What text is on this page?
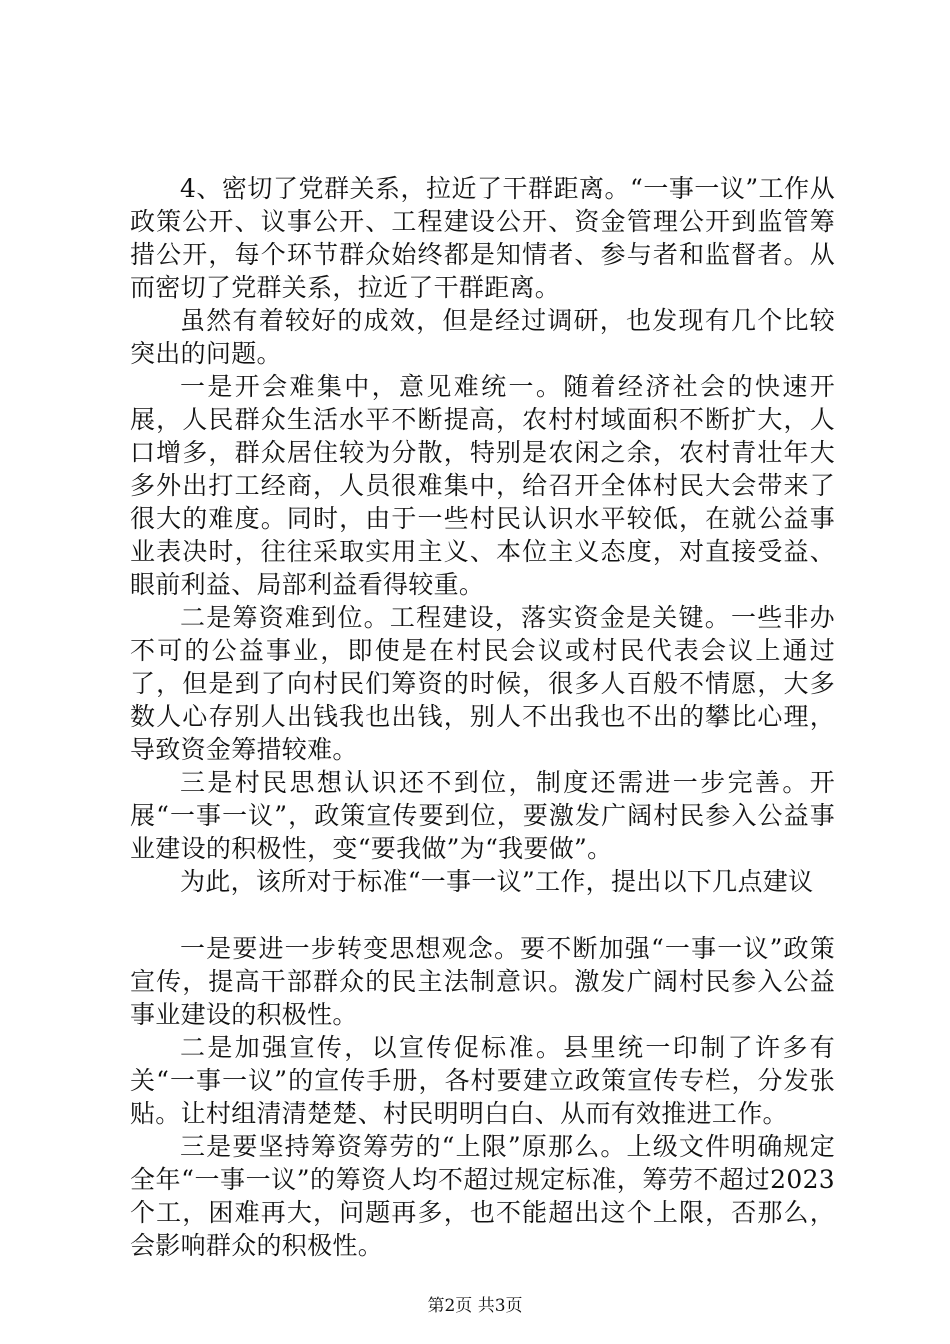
4、密切了党群关系，拉近了干群距离。“一事一议”工作从政策公开、议事公开、工程建设公开、资金管理公开到监管筹措公开，每个环节群众始终都是知情者、参与者和监督者。从而密切了党群关系，拉近了干群距离。

虽然有着较好的成效，但是经过调研，也发现有几个比较突出的问题。

一是开会难集中，意见难统一。随着经济社会的快速开展，人民群众生活水平不断提高，农村村域面积不断扩大，人口增多，群众居住较为分散，特别是农闲之余，农村青壮年大多外出打工经商，人员很难集中，给召开全体村民大会带来了很大的难度。同时，由于一些村民认识水平较低，在就公益事业表决时，往往采取实用主义、本位主义态度，对直接受益、眼前利益、局部利益看得较重。

二是筹资难到位。工程建设，落实资金是关键。一些非办不可的公益事业，即使是在村民会议或村民代表会议上通过了，但是到了向村民们筹资的时候，很多人百般不情愿，大多数人心存别人出钱我也出钱，别人不出我也不出的攀比心理，导致资金筹措较难。

三是村民思想认识还不到位，制度还需进一步完善。开展“一事一议”，政策宣传要到位，要激发广阔村民参入公益事业建设的积极性，变“要我做”为“我要做”。

为此，该所对于标准“一事一议”工作，提出以下几点建议

一是要进一步转变思想观念。要不断加强“一事一议”政策宣传，提高干部群众的民主法制意识。激发广阔村民参入公益事业建设的积极性。

二是加强宣传，以宣传促标准。县里统一印制了许多有关“一事一议”的宣传手册，各村要建立政策宣传专栏，分发张贴。让村组清清楚楚、村民明明白白、从而有效推进工作。

三是要坚持筹资筹劳的“上限”原那么。上级文件明确规定全年“一事一议”的筹资人均不超过规定标准，筹劳不超过2023个工，困难再大，问题再多，也不能超出这个上限，否那么，会影响群众的积极性。

第2页 共3页
